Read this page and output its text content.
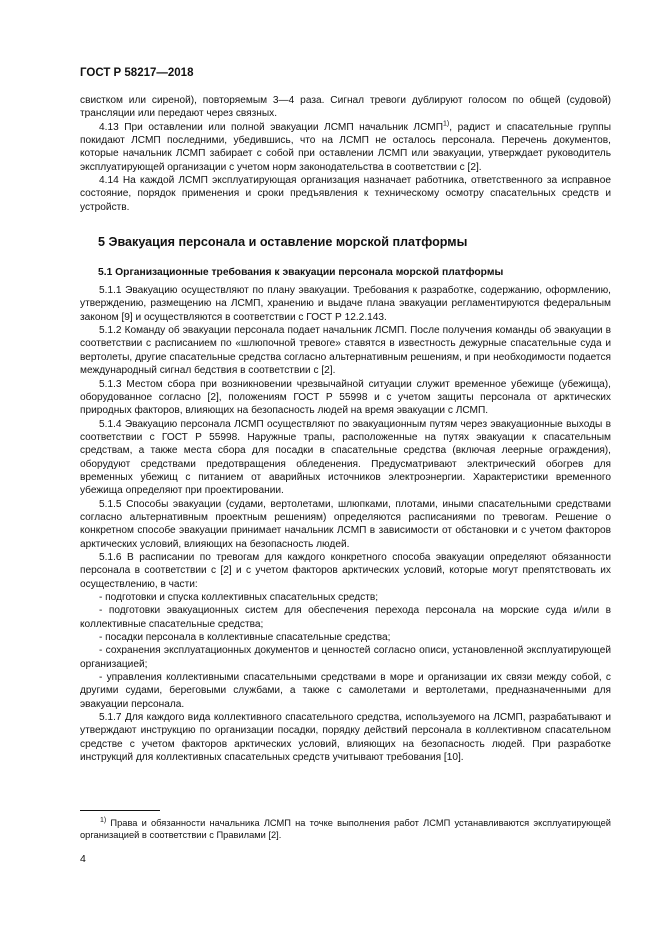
ГОСТ Р 58217—2018

свистком или сиреной), повторяемым 3—4 раза. Сигнал тревоги дублируют голосом по общей (судовой) трансляции или передают через связных.

4.13 При оставлении или полной эвакуации ЛСМП начальник ЛСМП$^{1)}$, радист и спасательные группы покидают ЛСМП последними, убедившись, что на ЛСМП не осталось персонала. Перечень документов, которые начальник ЛСМП забирает с собой при оставлении ЛСМП или эвакуации, утверждает руководитель эксплуатирующей организации с учетом норм законодательства в соответствии с [2].

4.14 На каждой ЛСМП эксплуатирующая организация назначает работника, ответственного за исправное состояние, порядок применения и сроки предъявления к техническому осмотру спасательных средств и устройств.

5 Эвакуация персонала и оставление морской платформы
5.1 Организационные требования к эвакуации персонала морской платформы

5.1.1 Эвакуацию осуществляют по плану эвакуации. Требования к разработке, содержанию, оформлению, утверждению, размещению на ЛСМП, хранению и выдаче плана эвакуации регламентируются федеральным законом [9] и осуществляются в соответствии с ГОСТ Р 12.2.143.

5.1.2 Команду об эвакуации персонала подает начальник ЛСМП. После получения команды об эвакуации в соответствии с расписанием по «шлюпочной тревоге» ставятся в известность дежурные спасательные суда и вертолеты, другие спасательные средства согласно альтернативным решениям, и при необходимости подается международный сигнал бедствия в соответствии с [2].

5.1.3 Местом сбора при возникновении чрезвычайной ситуации служит временное убежище (убежища), оборудованное согласно [2], положениям ГОСТ Р 55998 и с учетом защиты персонала от арктических природных факторов, влияющих на безопасность людей на время эвакуации с ЛСМП.

5.1.4 Эвакуацию персонала ЛСМП осуществляют по эвакуационным путям через эвакуационные выходы в соответствии с ГОСТ Р 55998. Наружные трапы, расположенные на путях эвакуации к спасательным средствам, а также места сбора для посадки в спасательные средства (включая леерные ограждения), оборудуют средствами предотвращения обледенения. Предусматривают электрический обогрев для временных убежищ с питанием от аварийных источников электроэнергии. Характеристики временного убежища определяют при проектировании.

5.1.5 Способы эвакуации (судами, вертолетами, шлюпками, плотами, иными спасательными средствами согласно альтернативным проектным решениям) определяются расписаниями по тревогам. Решение о конкретном способе эвакуации принимает начальник ЛСМП в зависимости от обстановки и с учетом факторов арктических условий, влияющих на безопасность людей.

5.1.6 В расписании по тревогам для каждого конкретного способа эвакуации определяют обязанности персонала в соответствии с [2] и с учетом факторов арктических условий, которые могут препятствовать их осуществлению, в части:

- подготовки и спуска коллективных спасательных средств;

- подготовки эвакуационных систем для обеспечения перехода персонала на морские суда и/или в коллективные спасательные средства;

- посадки персонала в коллективные спасательные средства;

- сохранения эксплуатационных документов и ценностей согласно описи, установленной эксплуатирующей организацией;

- управления коллективными спасательными средствами в море и организации их связи между собой, с другими судами, береговыми службами, а также с самолетами и вертолетами, предназначенными для эвакуации персонала.

5.1.7 Для каждого вида коллективного спасательного средства, используемого на ЛСМП, разрабатывают и утверждают инструкцию по организации посадки, порядку действий персонала в коллективном спасательном средстве с учетом факторов арктических условий, влияющих на безопасность людей. При разработке инструкций для коллективных спасательных средств учитывают требования [10].

$^{1)}$ Права и обязанности начальника ЛСМП на точке выполнения работ ЛСМП устанавливаются эксплуатирующей организацией в соответствии с Правилами [2].
4
